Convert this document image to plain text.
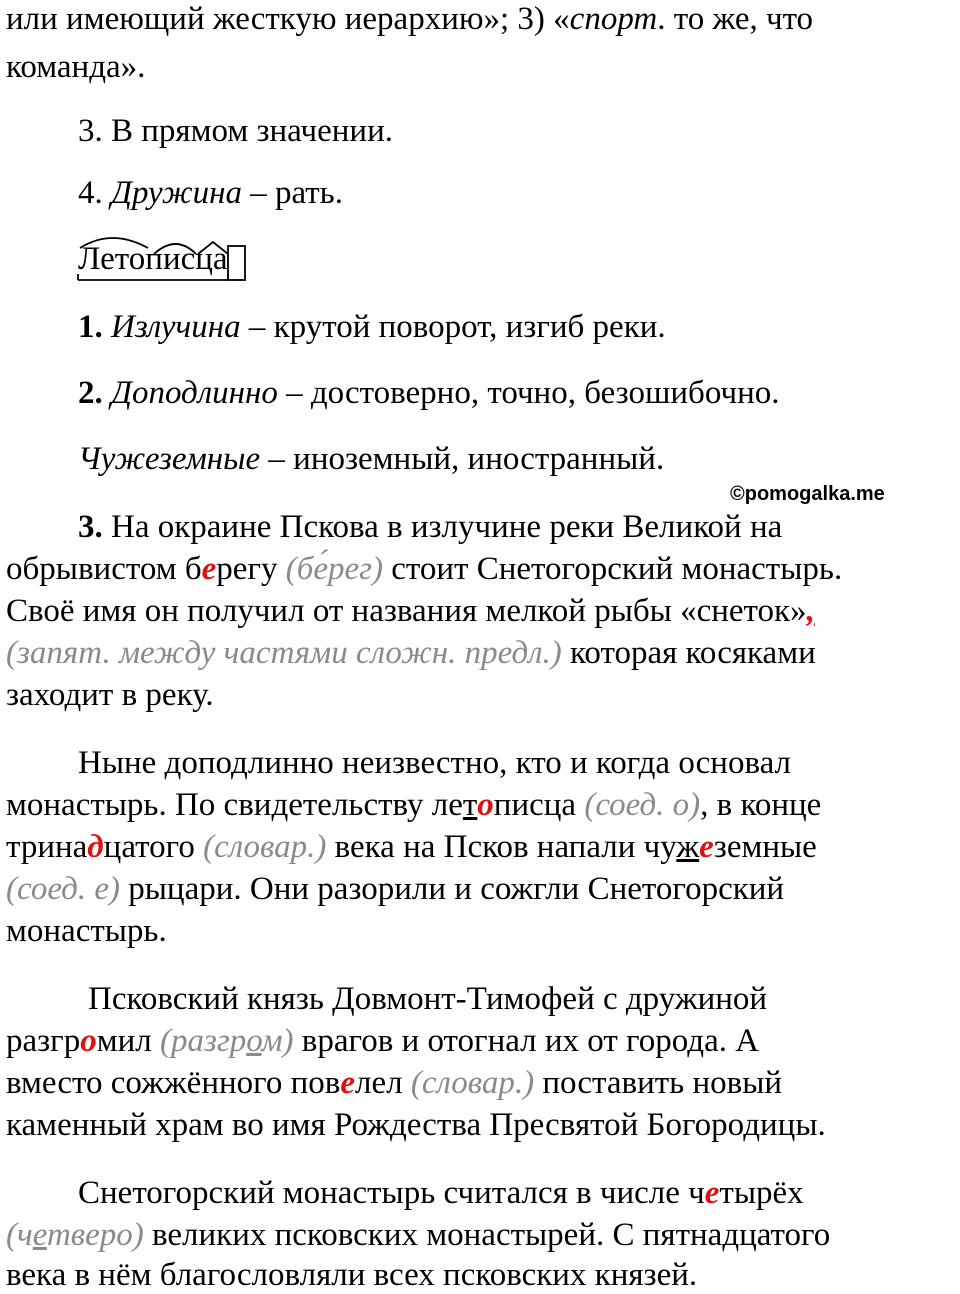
или имеющий жесткую иерархию»; 3) «спорт. то же, что
команда».
3. В прямом значении.
4. Дружина – рать.
Летописца
1. Излучина – крутой поворот, изгиб реки.
2. Доподлинно – достоверно, точно, безошибочно.
Чужеземные – иноземный, иностранный.
©pomogalka.me
3. На окраине Пскова в излучине реки Великой на
обрывистом берегу (бе́рег) стоит Снетогорский монастырь.
Своё имя он получил от названия мелкой рыбы «снеток»,
(запят. между частями сложн. предл.) которая косяками
заходит в реку.
Ныне доподлинно неизвестно, кто и когда основал
монастырь. По свидетельству летописца (соед. о), в конце
тринадцатого (словар.) века на Псков напали чужеземные
(соед. е) рыцари. Они разорили и сожгли Снетогорский
монастырь.
Псковский князь Довмонт-Тимофей с дружиной
разгромил (разгром) врагов и отогнал их от города. А
вместо сожжённого повелел (словар.) поставить новый
каменный храм во имя Рождества Пресвятой Богородицы.
Снетогорский монастырь считался в числе четырёх
(четверо) великих псковских монастырей. С пятнадцатого
века в нём благословляли всех псковских князей.
